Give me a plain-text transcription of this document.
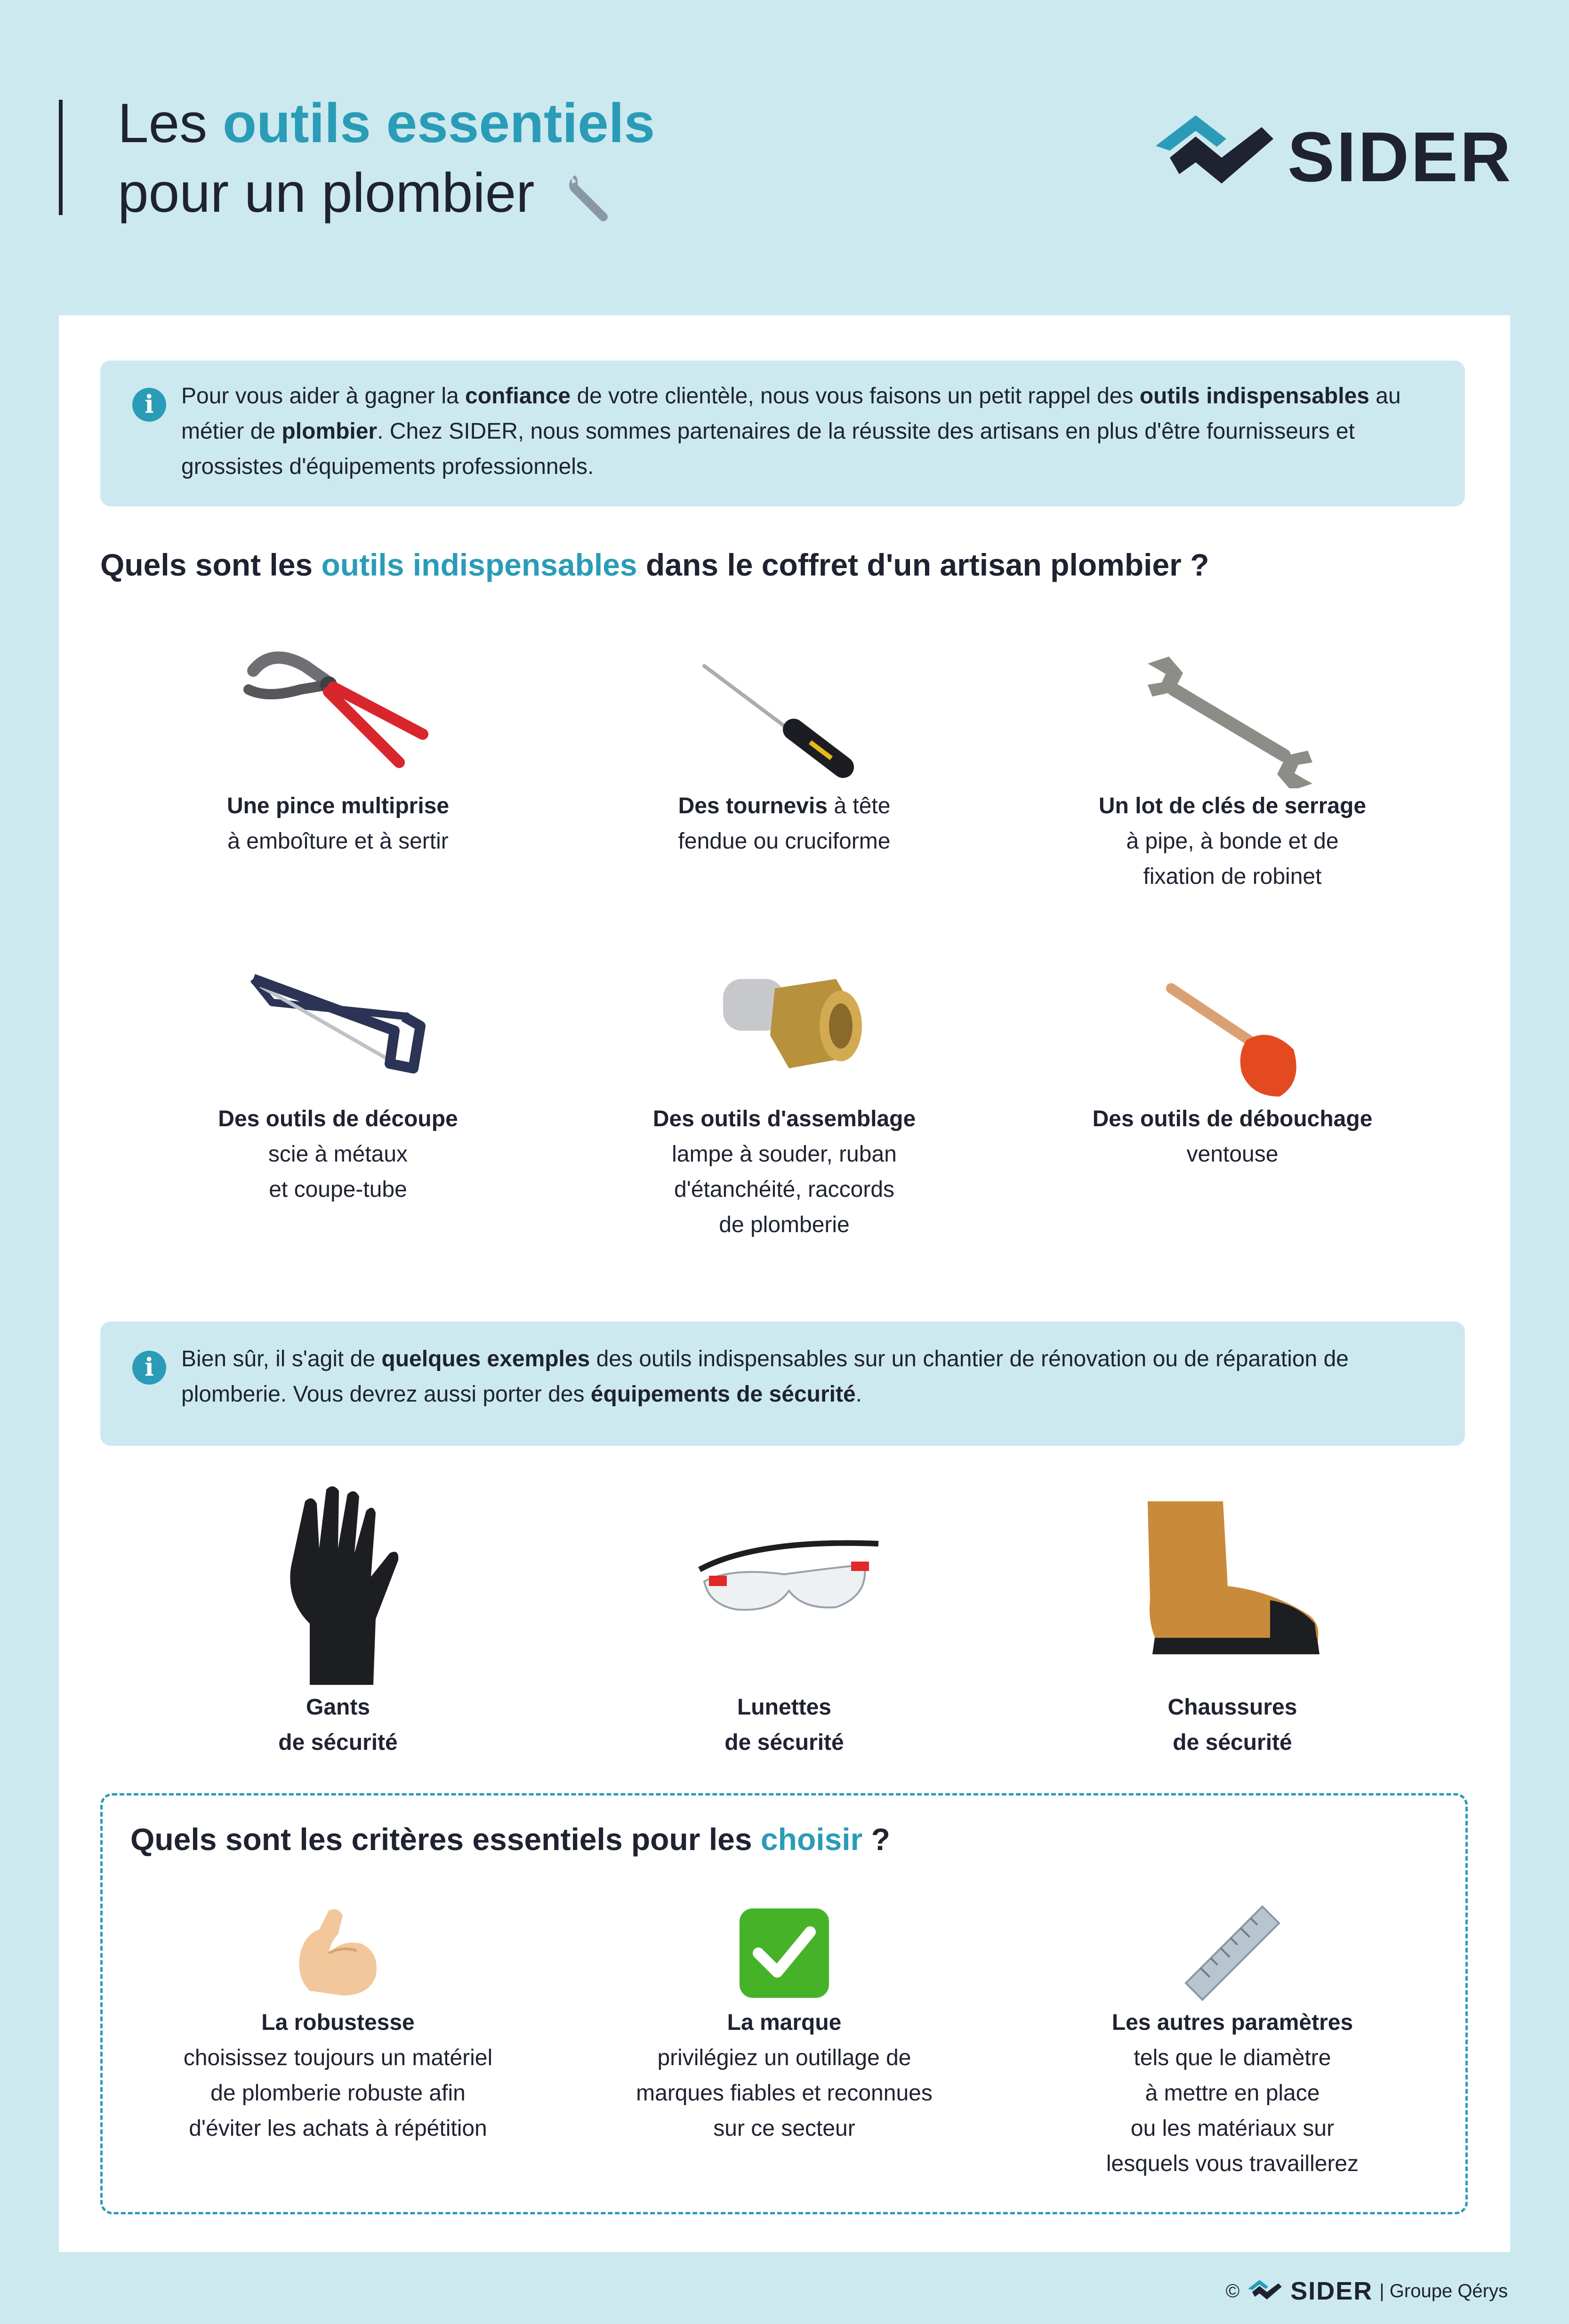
Les outils essentiels
pour un plombier	SIDER
i	Pour vous aider à gagner la confiance de votre clientèle, nous vous faisons un petit rappel des outils indispensables au métier de plombier. Chez SIDER, nous sommes partenaires de la réussite des artisans en plus d'être fournisseurs et grossistes d'équipements professionnels.

Quels sont les outils indispensables dans le coffret d'un artisan plombier ?
Une pince multiprise
à emboîture et à sertir
Des tournevis à tête
fendue ou cruciforme
Un lot de clés de serrage
à pipe, à bonde et de
fixation de robinet
Des outils de découpe
scie à métaux
et coupe-tube
Des outils d'assemblage
lampe à souder, ruban
d'étanchéité, raccords
de plomberie
Des outils de débouchage
ventouse
i	Bien sûr, il s'agit de quelques exemples des outils indispensables sur un chantier de rénovation ou de réparation de plomberie. Vous devrez aussi porter des équipements de sécurité.

Gants
de sécurité
Lunettes
de sécurité
Chaussures
de sécurité
Quels sont les critères essentiels pour les choisir ?
La robustesse
choisissez toujours un matériel
de plomberie robuste afin
d'éviter les achats à répétition
La marque
privilégiez un outillage de
marques fiables et reconnues
sur ce secteur
Les autres paramètres
tels que le diamètre
à mettre en place
ou les matériaux sur
lesquels vous travaillerez
© SIDER | Groupe Qérys
